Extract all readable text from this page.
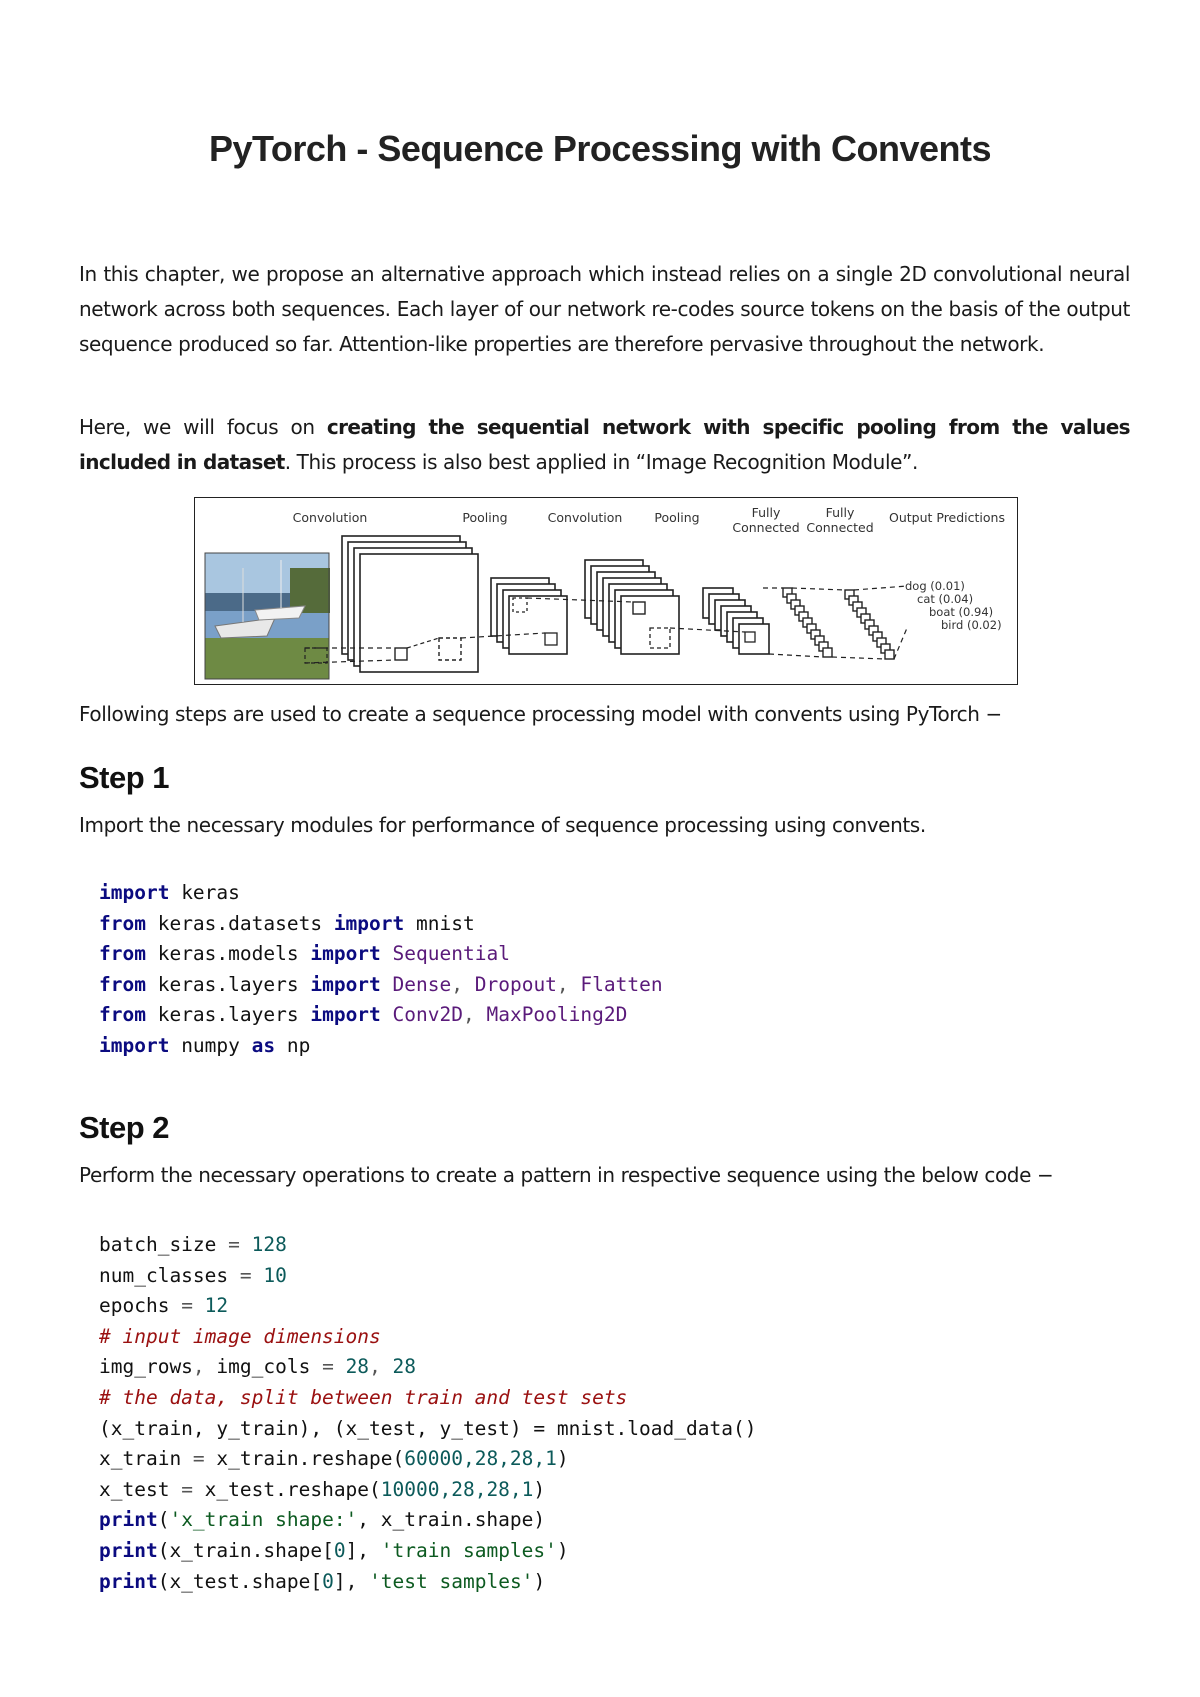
PyTorch - Sequence Processing with Convents

In this chapter, we propose an alternative approach which instead relies on a single 2D convolutional neural network across both sequences. Each layer of our network re-codes source tokens on the basis of the output sequence produced so far. Attention-like properties are therefore pervasive throughout the network.

Here, we will focus on creating the sequential network with specific pooling from the values included in dataset. This process is also best applied in “Image Recognition Module”.

Convolution	Pooling	Convolution	Pooling	Fully
Connected
Fully
Connected
Output Predictions
dog (0.01)
cat (0.04)
boat (0.94)
bird (0.02)

Following steps are used to create a sequence processing model with convents using PyTorch −

Step 1

Import the necessary modules for performance of sequence processing using convents.

import keras
from keras.datasets import mnist
from keras.models import Sequential
from keras.layers import Dense, Dropout, Flatten
from keras.layers import Conv2D, MaxPooling2D
import numpy as np
Step 2

Perform the necessary operations to create a pattern in respective sequence using the below code −

batch_size = 128
num_classes = 10
epochs = 12
# input image dimensions
img_rows, img_cols = 28, 28
# the data, split between train and test sets
(x_train, y_train), (x_test, y_test) = mnist.load_data()
x_train = x_train.reshape(60000,28,28,1)
x_test = x_test.reshape(10000,28,28,1)
print('x_train shape:', x_train.shape)
print(x_train.shape[0], 'train samples')
print(x_test.shape[0], 'test samples')
